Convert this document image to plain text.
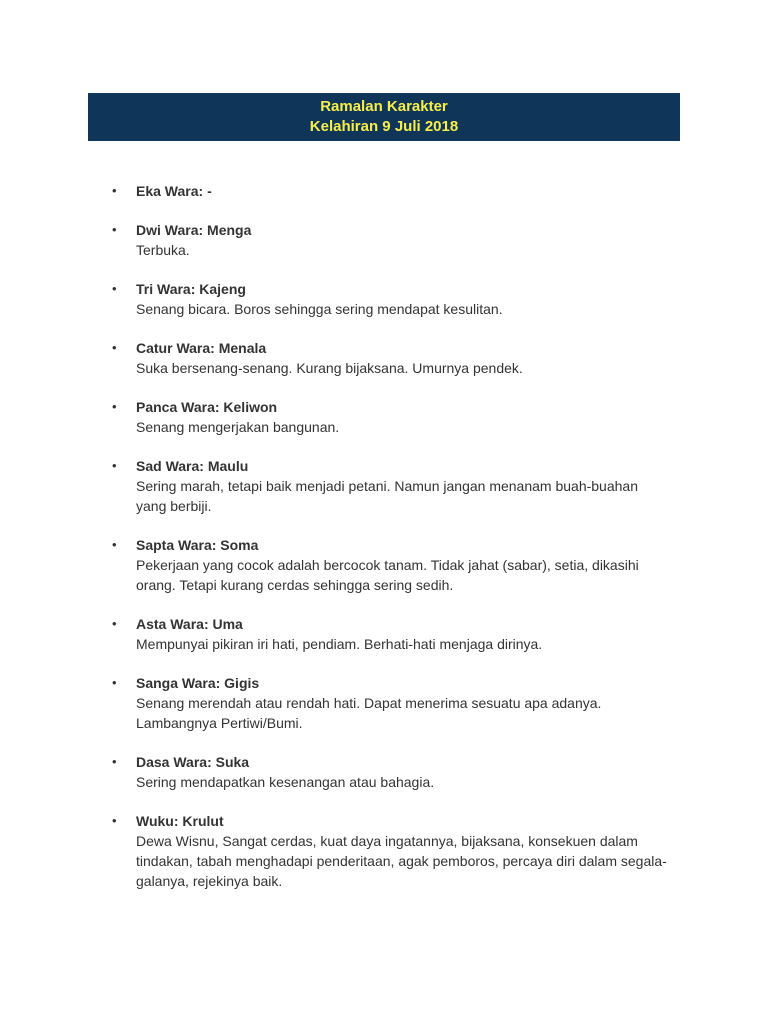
Ramalan Karakter
Kelahiran 9 Juli 2018
• Eka Wara: -
• Dwi Wara: Menga
Terbuka.
• Tri Wara: Kajeng
Senang bicara. Boros sehingga sering mendapat kesulitan.
• Catur Wara: Menala
Suka bersenang-senang. Kurang bijaksana. Umurnya pendek.
• Panca Wara: Keliwon
Senang mengerjakan bangunan.
• Sad Wara: Maulu
Sering marah, tetapi baik menjadi petani. Namun jangan menanam buah-buahan yang berbiji.
• Sapta Wara: Soma
Pekerjaan yang cocok adalah bercocok tanam. Tidak jahat (sabar), setia, dikasihi orang. Tetapi kurang cerdas sehingga sering sedih.
• Asta Wara: Uma
Mempunyai pikiran iri hati, pendiam. Berhati-hati menjaga dirinya.
• Sanga Wara: Gigis
Senang merendah atau rendah hati. Dapat menerima sesuatu apa adanya. Lambangnya Pertiwi/Bumi.
• Dasa Wara: Suka
Sering mendapatkan kesenangan atau bahagia.
• Wuku: Krulut
Dewa Wisnu, Sangat cerdas, kuat daya ingatannya, bijaksana, konsekuen dalam tindakan, tabah menghadapi penderitaan, agak pemboros, percaya diri dalam segala-galanya, rejekinya baik.
